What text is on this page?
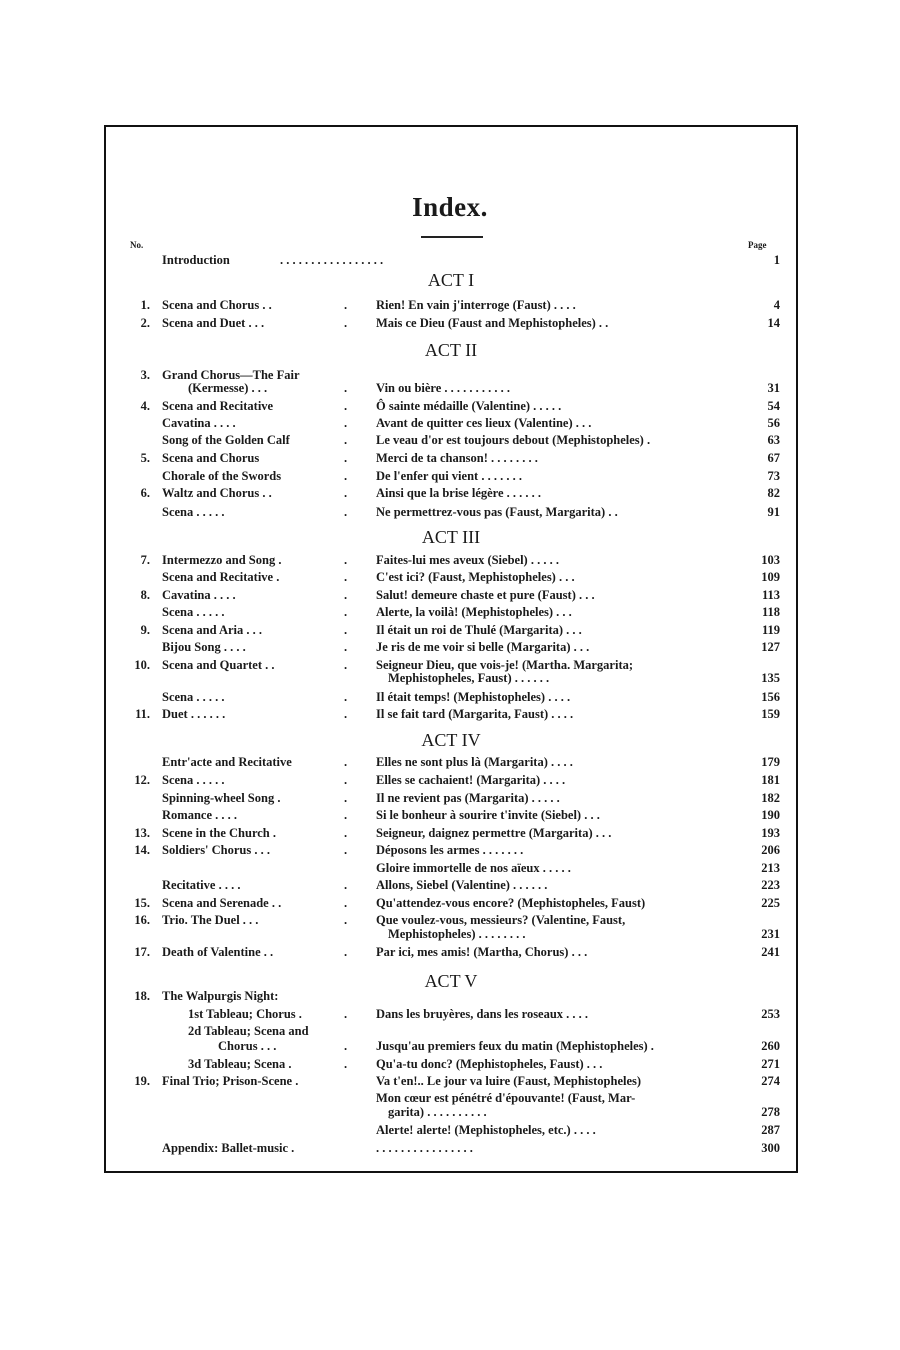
Index.
No.	Page
ACT I
ACT II
ACT III
ACT IV
ACT V
Introduction	. . . . . . . . . . . . . . . . .	1
1. Scena and Chorus . .	.	Rien! En vain j'interroge (Faust) . . . .	4
2. Scena and Duet . . .	.	Mais ce Dieu (Faust and Mephistopheles) . .	14
3. Grand Chorus—The Fair
(Kermesse) . . .	.	Vin ou bière . . . . . . . . . . .	31
4. Scena and Recitative	.	Ô sainte médaille (Valentine) . . . . .	54
Cavatina . . . .	.	Avant de quitter ces lieux (Valentine) . . .	56
Song of the Golden Calf	.	Le veau d'or est toujours debout (Mephistopheles) .	63
5. Scena and Chorus	.	Merci de ta chanson! . . . . . . . .	67
Chorale of the Swords	.	De l'enfer qui vient . . . . . . .	73
6. Waltz and Chorus . .	.	Ainsi que la brise légère . . . . . .	82
Scena . . . . .	.	Ne permettrez-vous pas (Faust, Margarita) . .	91
7. Intermezzo and Song .	.	Faites-lui mes aveux (Siebel) . . . . .	103
Scena and Recitative .	.	C'est ici? (Faust, Mephistopheles) . . .	109
8. Cavatina . . . .	.	Salut! demeure chaste et pure (Faust) . . .	113
Scena . . . . .	.	Alerte, la voilà! (Mephistopheles) . . .	118
9. Scena and Aria . . .	.	Il était un roi de Thulé (Margarita) . . .	119
Bijou Song . . . .	.	Je ris de me voir si belle (Margarita) . . .	127
10. Scena and Quartet . .	.	Seigneur Dieu, que vois-je! (Martha. Margarita;
Mephistopheles, Faust) . . . . . .	135
Scena . . . . .	.	Il était temps! (Mephistopheles) . . . .	156
11. Duet . . . . . .	.	Il se fait tard (Margarita, Faust) . . . .	159
Entr'acte and Recitative	.	Elles ne sont plus là (Margarita) . . . .	179
12. Scena . . . . .	.	Elles se cachaient! (Margarita) . . . .	181
Spinning-wheel Song .	.	Il ne revient pas (Margarita) . . . . .	182
Romance . . . .	.	Si le bonheur à sourire t'invite (Siebel) . . .	190
13. Scene in the Church .	.	Seigneur, daignez permettre (Margarita) . . .	193
14. Soldiers' Chorus . . .	.	Déposons les armes . . . . . . .	206
Gloire immortelle de nos aïeux . . . . .	213
Recitative . . . .	.	Allons, Siebel (Valentine) . . . . . .	223
15. Scena and Serenade . .	.	Qu'attendez-vous encore? (Mephistopheles, Faust)	225
16. Trio. The Duel . . .	.	Que voulez-vous, messieurs? (Valentine, Faust,
Mephistopheles) . . . . . . . .	231
17. Death of Valentine . .	.	Par ici, mes amis! (Martha, Chorus) . . .	241
18. The Walpurgis Night:
1st Tableau; Chorus .	.	Dans les bruyères, dans les roseaux . . . .	253
2d Tableau; Scena and
Chorus . . .	.	Jusqu'au premiers feux du matin (Mephistopheles) .	260
3d Tableau; Scena .	.	Qu'a-tu donc? (Mephistopheles, Faust) . . .	271
19. Final Trio; Prison-Scene .	Va t'en!.. Le jour va luire (Faust, Mephistopheles)	274
Mon cœur est pénétré d'épouvante! (Faust, Mar-
garita) . . . . . . . . . .	278
Alerte! alerte! (Mephistopheles, etc.) . . . .	287
Appendix: Ballet-music .	. . . . . . . . . . . . . . . .	300
